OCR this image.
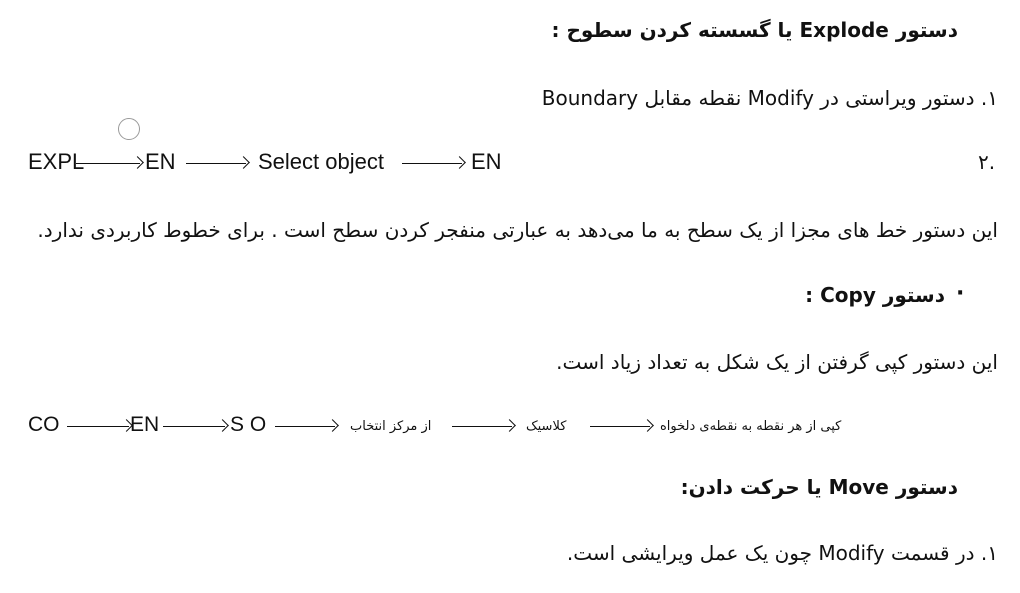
دستور Explode یا گسسته کردن سطوح :
۱. دستور ویراستی در Modify نقطه مقابل Boundary
۲.
EXPL	EN	Select object	EN
این دستور خط های مجزا از یک سطح به ما می‌دهد به عبارتی منفجر کردن سطح است . برای خطوط کاربردی ندارد.
·
دستور Copy :
این دستور کپی گرفتن از یک شکل به تعداد زیاد است.
CO	EN	S O	از مرکز انتخاب	کلاسیک	کپی از هر نقطه به نقطه‌ی دلخواه
دستور Move یا حرکت دادن:
۱. در قسمت Modify چون یک عمل ویرایشی است.
